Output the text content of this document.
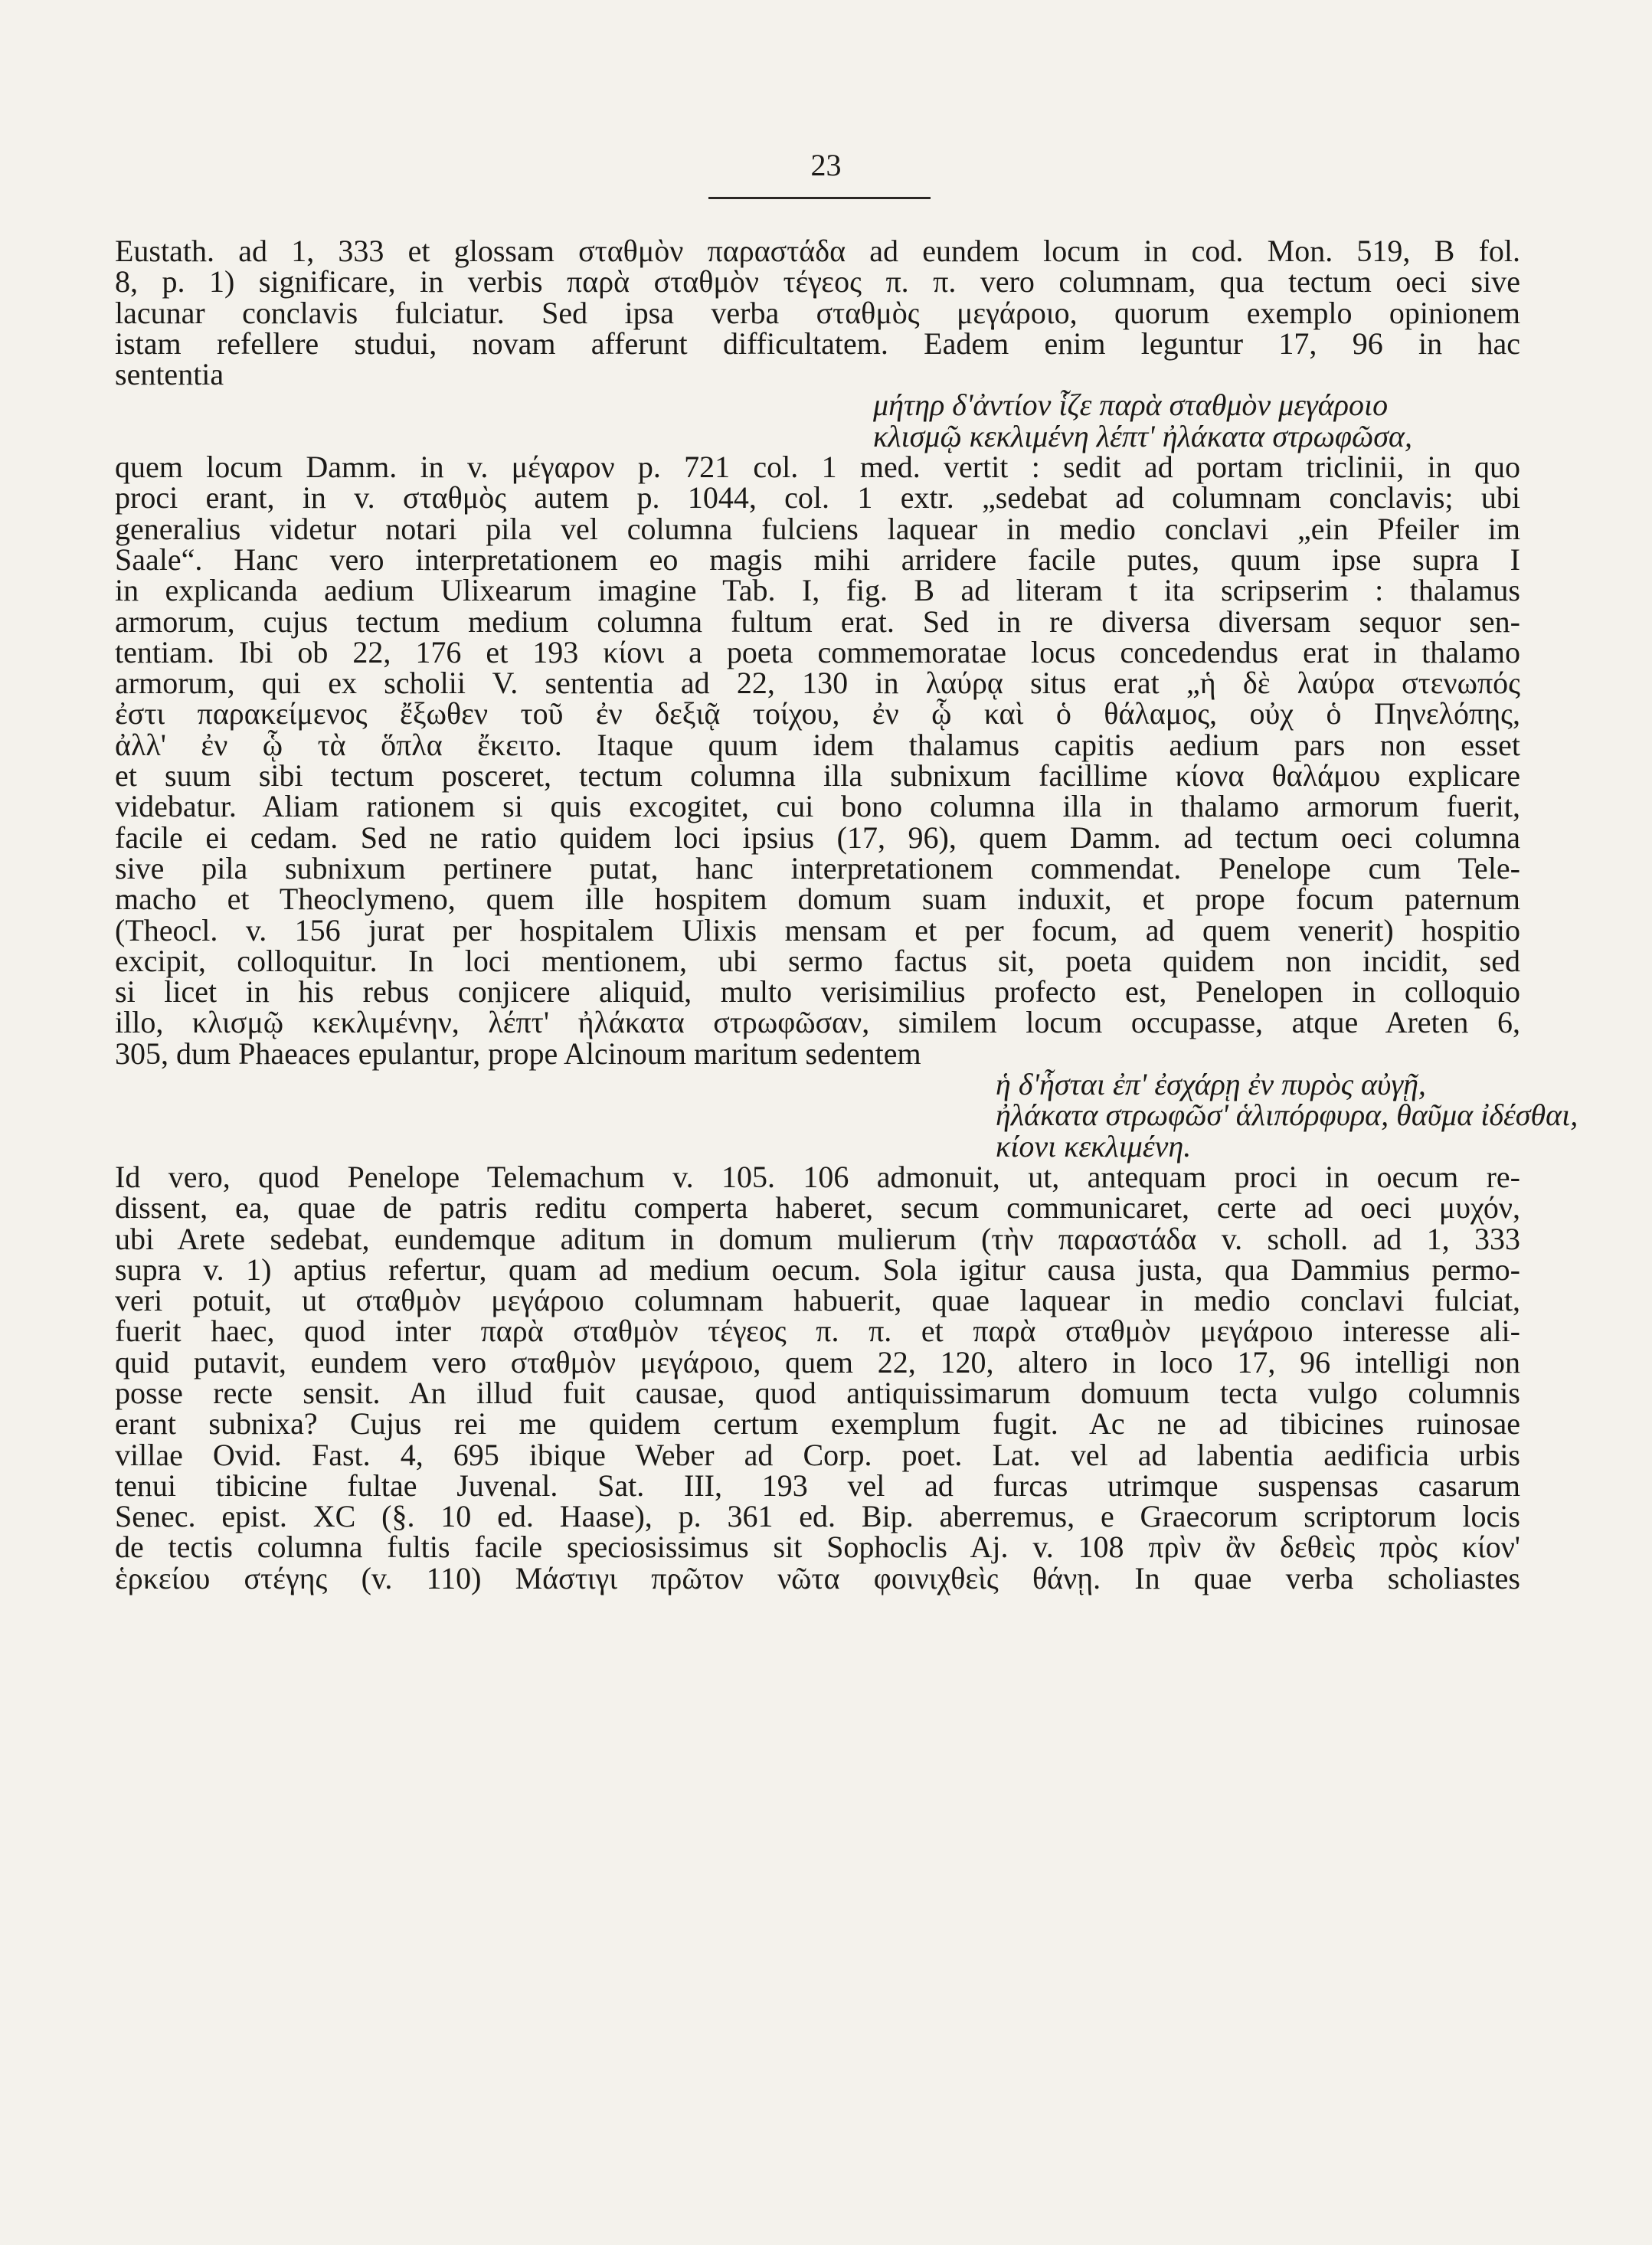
23
Eustath. ad 1, 333 et glossam σταθμὸν παραστάδα ad eundem locum in cod. Mon. 519, B fol.
8, p. 1) significare, in verbis παρὰ σταθμὸν τέγεος π. π. vero columnam, qua tectum oeci sive
lacunar conclavis fulciatur. Sed ipsa verba σταθμὸς μεγάροιο, quorum exemplo opinionem
istam refellere studui, novam afferunt difficultatem. Eadem enim leguntur 17, 96 in hac
sententia
μήτηρ δ'ἀντίον ἷζε παρὰ σταθμὸν μεγάροιο
κλισμῷ κεκλιμένη λέπτ' ἠλάκατα στρωφῶσα,
quem locum Damm. in v. μέγαρον p. 721 col. 1 med. vertit : sedit ad portam triclinii, in quo
proci erant, in v. σταθμὸς autem p. 1044, col. 1 extr. „sedebat ad columnam conclavis; ubi
generalius videtur notari pila vel columna fulciens laquear in medio conclavi „ein Pfeiler im
Saale“. Hanc vero interpretationem eo magis mihi arridere facile putes, quum ipse supra I
in explicanda aedium Ulixearum imagine Tab. I, fig. B ad literam t ita scripserim : thalamus
armorum, cujus tectum medium columna fultum erat. Sed in re diversa diversam sequor sen-
tentiam. Ibi ob 22, 176 et 193 κίονι a poeta commemoratae locus concedendus erat in thalamo
armorum, qui ex scholii V. sententia ad 22, 130 in λαύρᾳ situs erat „ἡ δὲ λαύρα στενωπός
ἐστι παρακείμενος ἔξωθεν τοῦ ἐν δεξιᾷ τοίχου, ἐν ᾧ καὶ ὁ θάλαμος, οὐχ ὁ Πηνελόπης,
ἀλλ' ἐν ᾧ τὰ ὅπλα ἔκειτο. Itaque quum idem thalamus capitis aedium pars non esset
et suum sibi tectum posceret, tectum columna illa subnixum facillime κίονα θαλάμου explicare
videbatur. Aliam rationem si quis excogitet, cui bono columna illa in thalamo armorum fuerit,
facile ei cedam. Sed ne ratio quidem loci ipsius (17, 96), quem Damm. ad tectum oeci columna
sive pila subnixum pertinere putat, hanc interpretationem commendat. Penelope cum Tele-
macho et Theoclymeno, quem ille hospitem domum suam induxit, et prope focum paternum
(Theocl. v. 156 jurat per hospitalem Ulixis mensam et per focum, ad quem venerit) hospitio
excipit, colloquitur. In loci mentionem, ubi sermo factus sit, poeta quidem non incidit, sed
si licet in his rebus conjicere aliquid, multo verisimilius profecto est, Penelopen in colloquio
illo, κλισμῷ κεκλιμένην, λέπτ' ἠλάκατα στρωφῶσαν, similem locum occupasse, atque Areten 6,
305, dum Phaeaces epulantur, prope Alcinoum maritum sedentem
ἡ δ'ἧσται ἐπ' ἐσχάρῃ ἐν πυρὸς αὐγῇ,
ἠλάκατα στρωφῶσ' ἁλιπόρφυρα, θαῦμα ἰδέσθαι,
κίονι κεκλιμένη.
Id vero, quod Penelope Telemachum v. 105. 106 admonuit, ut, antequam proci in oecum re-
dissent, ea, quae de patris reditu comperta haberet, secum communicaret, certe ad oeci μυχόν,
ubi Arete sedebat, eundemque aditum in domum mulierum (τὴν παραστάδα v. scholl. ad 1, 333
supra v. 1) aptius refertur, quam ad medium oecum. Sola igitur causa justa, qua Dammius permo-
veri potuit, ut σταθμὸν μεγάροιο columnam habuerit, quae laquear in medio conclavi fulciat,
fuerit haec, quod inter παρὰ σταθμὸν τέγεος π. π. et παρὰ σταθμὸν μεγάροιο interesse ali-
quid putavit, eundem vero σταθμὸν μεγάροιο, quem 22, 120, altero in loco 17, 96 intelligi non
posse recte sensit. An illud fuit causae, quod antiquissimarum domuum tecta vulgo columnis
erant subnixa? Cujus rei me quidem certum exemplum fugit. Ac ne ad tibicines ruinosae
villae Ovid. Fast. 4, 695 ibique Weber ad Corp. poet. Lat. vel ad labentia aedificia urbis
tenui tibicine fultae Juvenal. Sat. III, 193 vel ad furcas utrimque suspensas casarum
Senec. epist. XC (§. 10 ed. Haase), p. 361 ed. Bip. aberremus, e Graecorum scriptorum locis
de tectis columna fultis facile speciosissimus sit Sophoclis Aj. v. 108 πρὶν ἂν δεθεὶς πρὸς κίον'
ἑρκείου στέγης (v. 110) Μάστιγι πρῶτον νῶτα φοινιχθεὶς θάνῃ. In quae verba scholiastes
